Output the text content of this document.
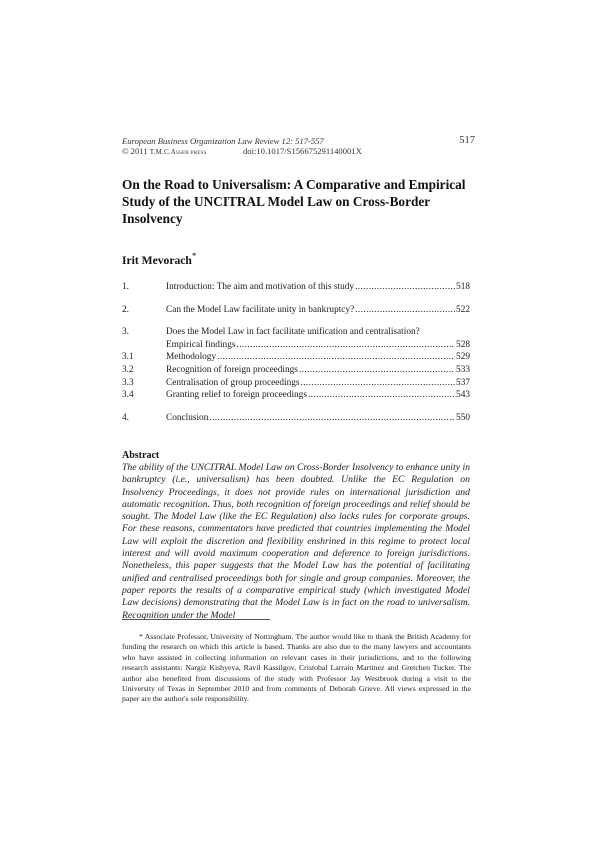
European Business Organization Law Review 12: 517-557
© 2011 T.M.C.Asser press	doi:10.1017/S156675291140001X
517
On the Road to Universalism: A Comparative and Empirical Study of the UNCITRAL Model Law on Cross-Border Insolvency
Irit Mevorach*
1.	Introduction: The aim and motivation of this study .....	518
2.	Can the Model Law facilitate unity in bankruptcy? .....	522
3.	Does the Model Law in fact facilitate unification and centralisation?
Empirical findings .....	528
3.1	Methodology .....	529
3.2	Recognition of foreign proceedings .....	533
3.3	Centralisation of group proceedings .....	537
3.4	Granting relief to foreign proceedings .....	543
4.	Conclusion .....	550
Abstract
The ability of the UNCITRAL Model Law on Cross-Border Insolvency to enhance unity in bankruptcy (i.e., universalism) has been doubted. Unlike the EC Regulation on Insolvency Proceedings, it does not provide rules on international jurisdiction and automatic recognition. Thus, both recognition of foreign proceedings and relief should be sought. The Model Law (like the EC Regulation) also lacks rules for corporate groups. For these reasons, commentators have predicted that countries implementing the Model Law will exploit the discretion and flexibility enshrined in this regime to protect local interest and will avoid maximum cooperation and deference to foreign jurisdictions. Nonetheless, this paper suggests that the Model Law has the potential of facilitating unified and centralised proceedings both for single and group companies. Moreover, the paper reports the results of a comparative empirical study (which investigated Model Law decisions) demonstrating that the Model Law is in fact on the road to universalism. Recognition under the Model
* Associate Professor, University of Nottingham. The author would like to thank the British Academy for funding the research on which this article is based. Thanks are also due to the many lawyers and accountants who have assisted in collecting information on relevant cases in their jurisdictions, and to the following research assistants: Nargiz Kishyeva, Ravil Kassilgov, Cristobal Larrain Martinez and Gretchen Tucker. The author also benefited from discussions of the study with Professor Jay Westbrook during a visit to the University of Texas in September 2010 and from comments of Deborah Grieve. All views expressed in the paper are the author's sole responsibility.
